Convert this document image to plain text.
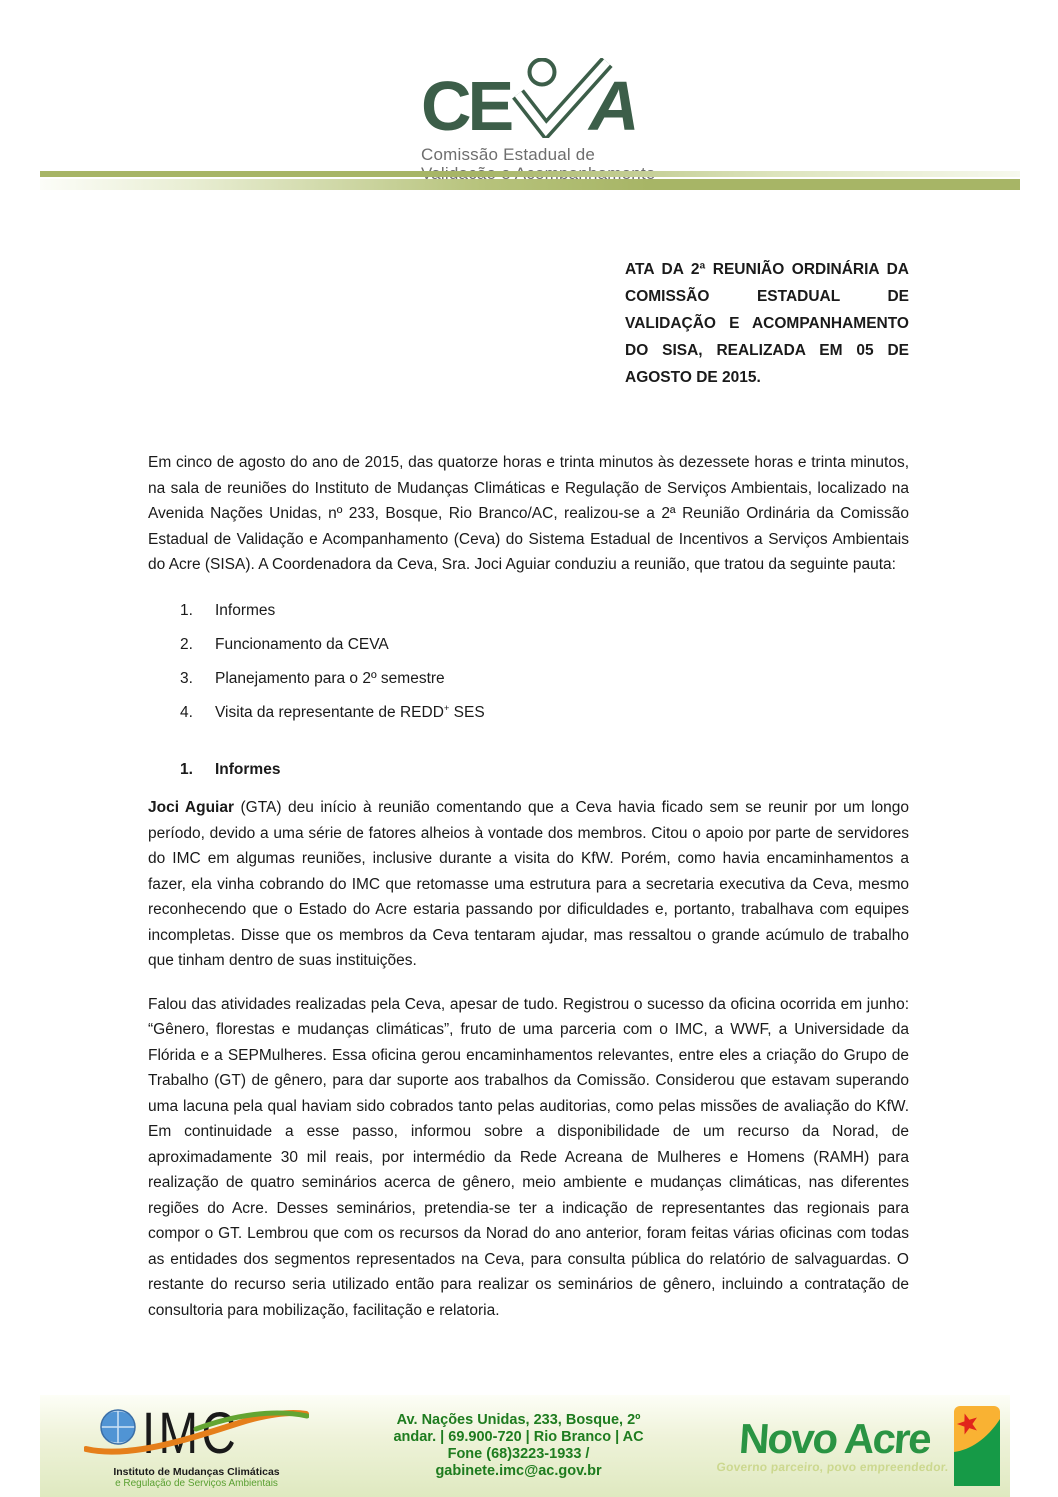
CE A
Comissão Estadual de
ATA DA 2ª REUNIÃO ORDINÁRIA DA COMISSÃO ESTADUAL DE VALIDAÇÃO E ACOMPANHAMENTO DO SISA, REALIZADA EM 05 DE AGOSTO DE 2015.

Em cinco de agosto do ano de 2015, das quatorze horas e trinta minutos às dezessete horas e trinta minutos, na sala de reuniões do Instituto de Mudanças Climáticas e Regulação de Serviços Ambientais, localizado na Avenida Nações Unidas, nº 233, Bosque, Rio Branco/AC, realizou-se a 2ª Reunião Ordinária da Comissão Estadual de Validação e Acompanhamento (Ceva) do Sistema Estadual de Incentivos a Serviços Ambientais do Acre (SISA). A Coordenadora da Ceva, Sra. Joci Aguiar conduziu a reunião, que tratou da seguinte pauta:

1.	Informes
2.	Funcionamento da CEVA
3.	Planejamento para o 2º semestre
4.	Visita da representante de REDD+ SES
1.	Informes

Joci Aguiar (GTA) deu início à reunião comentando que a Ceva havia ficado sem se reunir por um longo período, devido a uma série de fatores alheios à vontade dos membros. Citou o apoio por parte de servidores do IMC em algumas reuniões, inclusive durante a visita do KfW. Porém, como havia encaminhamentos a fazer, ela vinha cobrando do IMC que retomasse uma estrutura para a secretaria executiva da Ceva, mesmo reconhecendo que o Estado do Acre estaria passando por dificuldades e, portanto, trabalhava com equipes incompletas. Disse que os membros da Ceva tentaram ajudar, mas ressaltou o grande acúmulo de trabalho que tinham dentro de suas instituições.

Falou das atividades realizadas pela Ceva, apesar de tudo. Registrou o sucesso da oficina ocorrida em junho: “Gênero, florestas e mudanças climáticas”, fruto de uma parceria com o IMC, a WWF, a Universidade da Flórida e a SEPMulheres. Essa oficina gerou encaminhamentos relevantes, entre eles a criação do Grupo de Trabalho (GT) de gênero, para dar suporte aos trabalhos da Comissão. Considerou que estavam superando uma lacuna pela qual haviam sido cobrados tanto pelas auditorias, como pelas missões de avaliação do KfW. Em continuidade a esse passo, informou sobre a disponibilidade de um recurso da Norad, de aproximadamente 30 mil reais, por intermédio da Rede Acreana de Mulheres e Homens (RAMH) para realização de quatro seminários acerca de gênero, meio ambiente e mudanças climáticas, nas diferentes regiões do Acre. Desses seminários, pretendia-se ter a indicação de representantes das regionais para compor o GT. Lembrou que com os recursos da Norad do ano anterior, foram feitas várias oficinas com todas as entidades dos segmentos representados na Ceva, para consulta pública do relatório de salvaguardas. O restante do recurso seria utilizado então para realizar os seminários de gênero, incluindo a contratação de consultoria para mobilização, facilitação e relatoria.

IMC
Instituto de Mudanças Climáticas
e Regulação de Serviços Ambientais
Av. Nações Unidas, 233, Bosque, 2º
andar. | 69.900-720 | Rio Branco | AC
Fone (68)3223-1933 /
gabinete.imc@ac.gov.br
Novo Acre
Governo parceiro, povo empreendedor.
